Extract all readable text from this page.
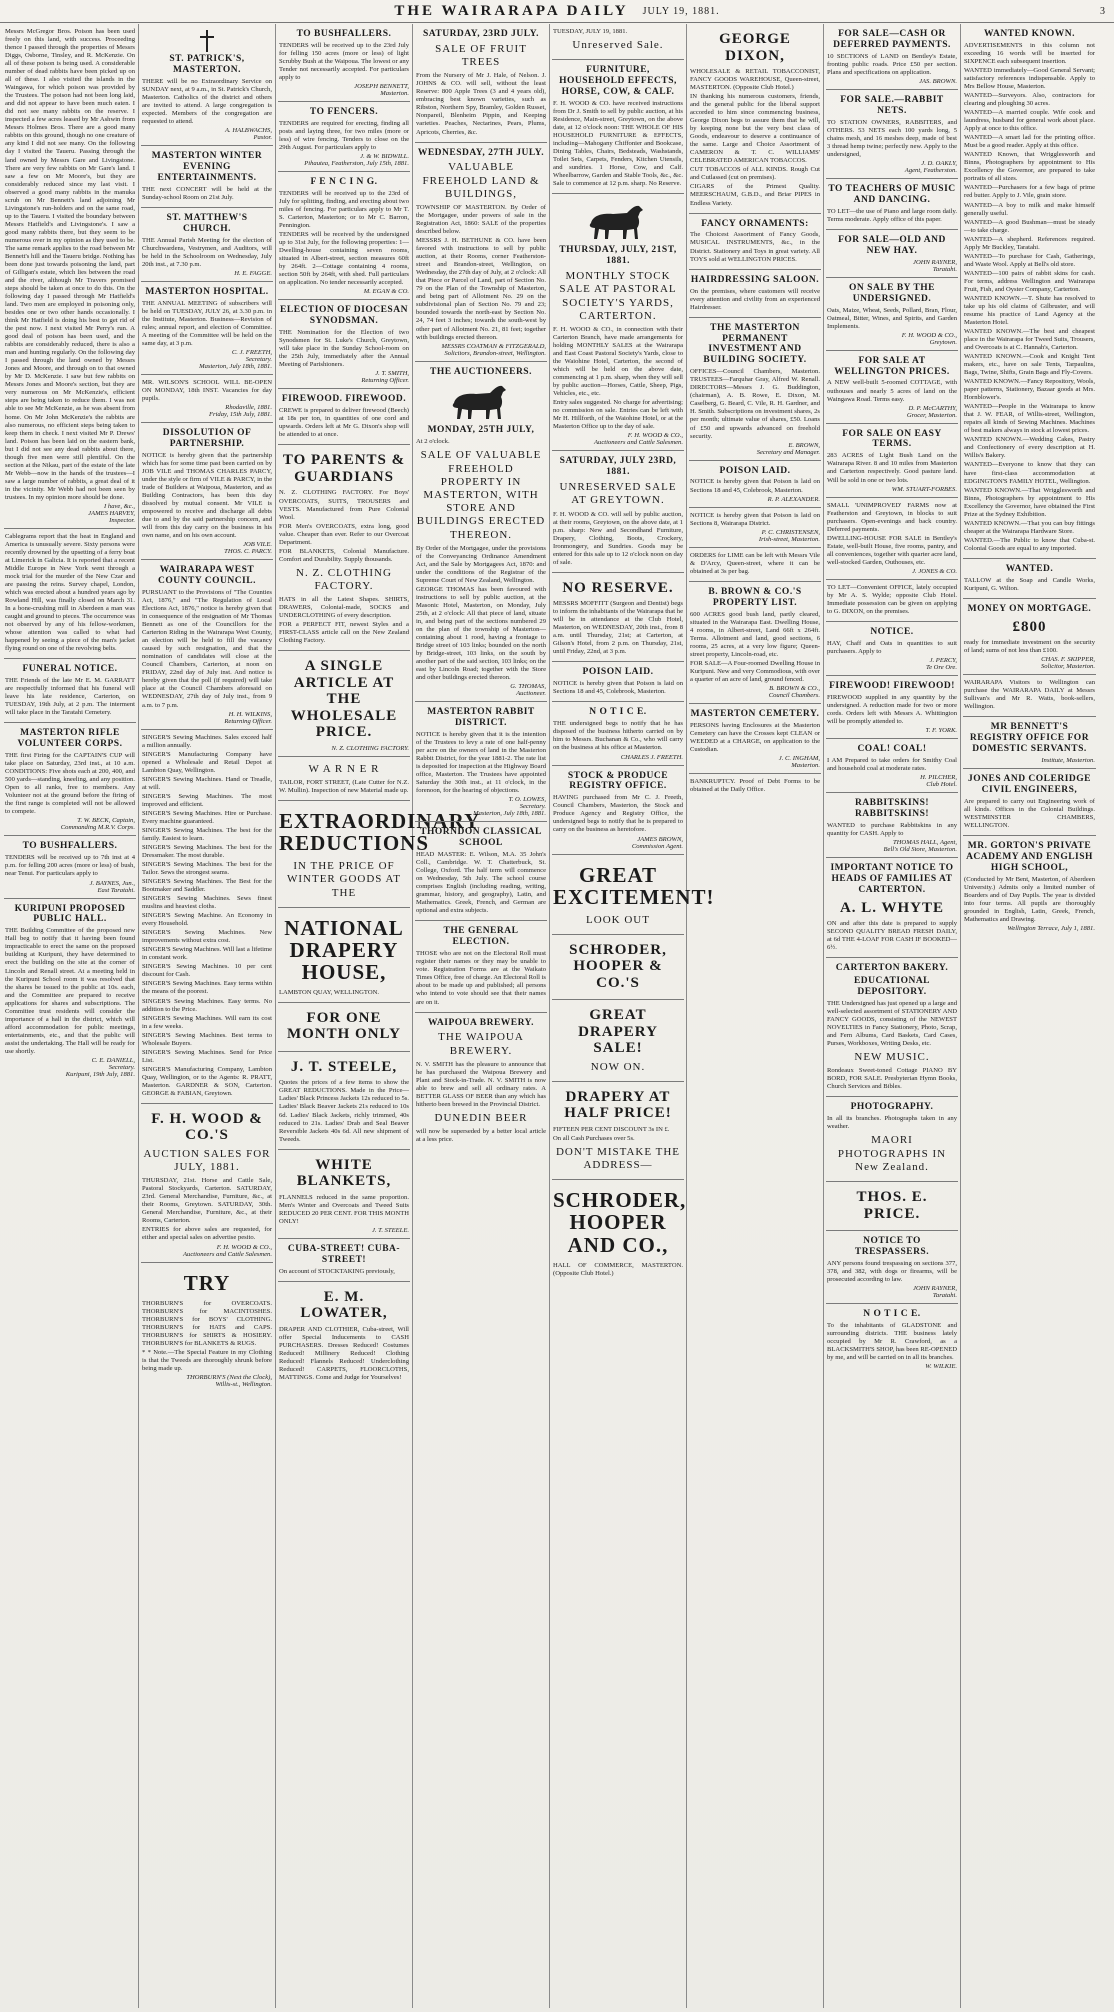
THE WAIRARAPA DAILY JULY 19, 1881.	3
Messrs McGregor Bros. Poison has been used freely on this land, with success. Proceeding thence I passed through the properties of Messrs Diggs, Osborne, Tinsley, and R. McKenzie. On all of these poison is being used. A considerable number of dead rabbits have been picked up on all of these. I also visited the islands in the Waingawa, for which poison was provided by the Trustees. The poison had not been long laid, and did not appear to have been much eaten. I did not see many rabbits on the reserve. I inspected a few acres leased by Mr Ashwin from Messrs Holmes Bros. There are a good many rabbits on this ground, though no one creature of any kind I did not see many. On the following day I visited the Taueru. Passing through the land owned by Messrs Gare and Livingstone. There are very few rabbits on Mr Gare's land. I saw a few on Mr Moore's, but they are considerably reduced since my last visit. I observed a good many rabbits in the manuka scrub on Mr Bennett's land adjoining Mr Livingstone's run-holders and on the same road, up to the Taueru. I visited the boundary between Messrs Hatfield's and Livingstone's. I saw a good many rabbits there, but they seem to be numerous over in my opinion as they used to be. The same remark applies to the road between Mr Bennett's hill and the Taueru bridge. Nothing has been done just towards poisoning the land, part of Gilligan's estate, which lies between the road and the river, although Mr Travers promised steps should be taken at once to do this. On the following day I passed through Mr Hatfield's land. Two men are employed in poisoning only, besides one or two other hands occasionally. I think Mr Hatfield is doing his best to get rid of the pest now. I next visited Mr Perry's run. A good deal of poison has been used, and the rabbits are considerably reduced, there is also a man and hunting regularly. On the following day I passed through the land owned by Messrs Jones and Moore, and through on to that owned by Mr D. McKenzie. I saw but few rabbits on Messrs Jones and Moore's section, but they are very numerous on Mr McKenzie's, efficient steps are being taken to reduce them. I was not able to see Mr McKenzie, as he was absent from home. On Mr John McKenzie's the rabbits are also numerous, no efficient steps being taken to keep them in check. I next visited Mr P. Drews' land. Poison has been laid on the eastern bank, but I did not see any dead rabbits about there, though five men were still plentiful. On the section at the Nikau, part of the estate of the late Mr Webb—now in the hands of the trustees—I saw a large number of rabbits, a great deal of it in the vicinity. Mr Webb had not been seen by trustees. In my opinion more should be done.
I have, &c.,
JAMES HARVEY,
Inspector.
Cablegrams report that the heat in England and America is unusually severe. Sixty persons were recently drowned by the upsetting of a ferry boat at Limerick in Galicia. It is reported that a recent Middle Europe in New York went through a mock trial for the murder of the New Czar and are passing the reins. Survey chapel, London, which was erected about a hundred years ago by Rowland Hill, was finally closed on March 31. In a bone-crushing mill in Aberdeen a man was caught and ground to pieces. The occurrence was not observed by any of his fellow-workmen, whose attention was called to what had happened by seeing a piece of the man's jacket flying round on one of the revolving belts.
FUNERAL NOTICE.
THE Friends of the late Mr E. M. GARRATT are respectfully informed that his funeral will leave his late residence, Carterton, on TUESDAY, 19th July, at 2 p.m. The interment will take place in the Taratahi Cemetery.
MASTERTON RIFLE VOLUNTEER CORPS.
THE first Firing for the CAPTAIN'S CUP will take place on Saturday, 23rd inst., at 10 a.m. CONDITIONS: Five shots each at 200, 400, and 500 yards—standing, kneeling, and any position. Open to all ranks, free to members. Any Volunteer not at the ground before the firing of the first range is completed will not be allowed to compete.
T. W. BECK, Captain,
Commanding M.R.V. Corps.
TO BUSHFALLERS.
TENDERS will be received up to 7th inst at 4 p.m. for felling 200 acres (more or less) of bush, near Tenui. For particulars apply to
J. BAYNES, Jun.,
East Taratahi.
KURIPUNI PROPOSED PUBLIC HALL.
THE Building Committee of the proposed new Hall beg to notify that it having been found impracticable to erect the same on the proposed building at Kuripuni, they have determined to erect the building on the site at the corner of Lincoln and Renall street. At a meeting held in the Kuripuni School room it was resolved that the shares be issued to the public at 10s. each, and the Committee are prepared to receive applications for shares and subscriptions. The Committee trust residents will consider the importance of a hall in the district, which will afford accommodation for public meetings, entertainments, etc., and that the public will assist the undertaking. The Hall will be ready for use shortly.
C. E. DANIELL,
Secretary.
Kuripuni, 19th July, 1881.
ST. PATRICK'S, MASTERTON.
THERE will be no Extraordinary Service on SUNDAY next, at 9 a.m., in St. Patrick's Church, Masterton. Catholics of the district and others are invited to attend. A large congregation is expected. Members of the congregation are requested to attend.
A. HALBWACHS,
Pastor.
MASTERTON WINTER EVENING ENTERTAINMENTS.
THE next CONCERT will be held at the Sunday-school Room on 21st July.
ST. MATTHEW'S CHURCH.
THE Annual Parish Meeting for the election of Churchwardens, Vestrymen, and Auditors, will be held in the Schoolroom on Wednesday, July 20th inst., at 7.30 p.m.
H. E. FAGGE.
MASTERTON HOSPITAL.
THE ANNUAL MEETING of subscribers will be held on TUESDAY, JULY 26, at 3.30 p.m. in the Institute, Masterton. Business—Revision of rules; annual report, and election of Committee. A meeting of the Committee will be held on the same day, at 3 p.m.
C. J. FREETH,
Secretary.
Masterton, July 18th, 1881.
MR. WILSON'S SCHOOL WILL BE-OPEN ON MONDAY, 18th INST. Vacancies for day pupils.
Rhodaville, 1881.
Friday, 15th July, 1881.
DISSOLUTION OF PARTNERSHIP.
NOTICE is hereby given that the partnership which has for some time past been carried on by JOB VILE and THOMAS CHARLES PARCY, under the style or firm of VILE & PARCY, in the trade of Builders at Waipoua, Masterton, and as Building Contractors, has been this day dissolved by mutual consent. Mr VILE is empowered to receive and discharge all debts due to and by the said partnership concern, and will from this day carry on the business in his own name, and on his own account.
JOB VILE.
THOS. C. PARCY.
WAIRARAPA WEST COUNTY COUNCIL.
PURSUANT to the Provisions of "The Counties Act, 1876," and "The Regulation of Local Elections Act, 1876," notice is hereby given that in consequence of the resignation of Mr Thomas Bennett as one of the Councillors for the Carterton Riding in the Wairarapa West County, an election will be held to fill the vacancy caused by such resignation, and that the nomination of candidates will close at the Council Chambers, Carterton, at noon on FRIDAY, 22nd day of July inst. And notice is hereby given that the poll (if required) will take place at the Council Chambers aforesaid on WEDNESDAY, 27th day of July inst., from 9 a.m. to 7 p.m.
H. H. WILKINS,
Returning Officer.
SINGER'S Sewing Machines. Sales exceed half a million annually.
SINGER'S Manufacturing Company have opened a Wholesale and Retail Depot at Lambton Quay, Wellington.
SINGER'S Sewing Machines. Hand or Treadle, at will.
SINGER'S Sewing Machines. The most improved and efficient.
SINGER'S Sewing Machines. Hire or Purchase. Every machine guaranteed.
SINGER'S Sewing Machines. The best for the family. Easiest to learn.
SINGER'S Sewing Machines. The best for the Dressmaker. The most durable.
SINGER'S Sewing Machines. The best for the Tailor. Sews the strongest seams.
SINGER'S Sewing Machines. The Best for the Bootmaker and Saddler.
SINGER'S Sewing Machines. Sews finest muslins and heaviest cloths.
SINGER'S Sewing Machine. An Economy in every Household.
SINGER'S Sewing Machines. New improvements without extra cost.
SINGER'S Sewing Machines. Will last a lifetime in constant work.
SINGER'S Sewing Machines. 10 per cent discount for Cash.
SINGER'S Sewing Machines. Easy terms within the means of the poorest.
SINGER'S Sewing Machines. Easy terms. No addition to the Price.
SINGER'S Sewing Machines. Will earn its cost in a few weeks.
SINGER'S Sewing Machines. Best terms to Wholesale Buyers.
SINGER'S Sewing Machines. Send for Price List.
SINGER'S Manufacturing Company, Lambton Quay, Wellington, or to the Agents: R. PRATT, Masterton. GARDNER & SON, Carterton. GEORGE & FABIAN, Greytown.
F. H. WOOD & CO.'S
AUCTION SALES FOR JULY, 1881.
THURSDAY, 21st. Horse and Cattle Sale, Pastoral Stockyards, Carterton. SATURDAY, 23rd. General Merchandise, Furniture, &c., at their Rooms, Greytown. SATURDAY, 30th. General Merchandise, Furniture, &c., at their Rooms, Carterton.
ENTRIES for above sales are requested, for either and special sales on advertise pesito.
F. H. WOOD & CO.,
Auctioneers and Cattle Salesmen.
TRY
THORBURN'S for OVERCOATS. THORBURN'S for MACINTOSHES. THORBURN'S for BOYS' CLOTHING. THORBURN'S for HATS and CAPS. THORBURN'S for SHIRTS & HOSIERY. THORBURN'S for BLANKETS & RUGS.
* * Note.—The Special Feature in my Clothing is that the Tweeds are thoroughly shrunk before being made up.
THORBURN'S (Next the Clock),
Willis-st., Wellington.
TO BUSHFALLERS.
TENDERS will be received up to the 23rd July for felling 150 acres (more or less) of light Scrubby Bush at the Waipoua. The lowest or any Tender not necessarily accepted. For particulars apply to
JOSEPH BENNETT,
Masterton.
TO FENCERS.
TENDERS are required for erecting, finding all posts and laying three, for two miles (more or less) of wire fencing. Tenders to close on the 29th August. For particulars apply to
J. & W. BIDWILL.
Pihautea, Featherston, July 15th, 1881.
F E N C I N G.
TENDERS will be received up to the 23rd of July for splitting, finding, and erecting about two miles of fencing. For particulars apply to Mr T. S. Carterton, Masterton; or to Mr C. Barron, Pennington.
TENDERS will be received by the undersigned up to 31st July, for the following properties: 1—Dwelling-house containing seven rooms, situated in Albert-street, section measures 60ft by 264ft. 2—Cottage containing 4 rooms, section 50ft by 264ft, with shed. Full particulars on application. No tender necessarily accepted.
M. EGAN & CO.
ELECTION OF DIOCESAN SYNODSMAN.
THE Nomination for the Election of two Synodsmen for St. Luke's Church, Greytown, will take place in the Sunday School-room on the 25th July, immediately after the Annual Meeting of Parishioners.
J. T. SMITH,
Returning Officer.
FIREWOOD. FIREWOOD.
CREWE is prepared to deliver firewood (Beech) at 18s per ton, in quantities of one cord and upwards. Orders left at Mr G. Dixon's shop will be attended to at once.
TO PARENTS & GUARDIANS
N. Z. CLOTHING FACTORY. For Boys' OVERCOATS, SUITS, TROUSERS and VESTS. Manufactured from Pure Colonial Wool.
FOR Men's OVERCOATS, extra long, good value. Cheaper than ever. Refer to our Overcoat Department.
FOR BLANKETS, Colonial Manufacture. Comfort and Durability. Supply thousands.
N. Z. CLOTHING FACTORY.
HATS in all the Latest Shapes. SHIRTS, DRAWERS, Colonial-made, SOCKS and UNDERCLOTHING of every description.
FOR a PERFECT FIT, newest Styles and a FIRST-CLASS article call on the New Zealand Clothing Factory.
A SINGLE ARTICLE AT THE WHOLESALE PRICE.
N. Z. CLOTHING FACTORY.
W A R N E R
TAILOR, FORT STREET, (Late Cutter for N.Z. W. Mullin). Inspection of new Material made up.
EXTRAORDINARY REDUCTIONS
IN THE PRICE OF WINTER GOODS AT THE
NATIONAL DRAPERY HOUSE,
LAMBTON QUAY, WELLINGTON.
FOR ONE MONTH ONLY
J. T. STEELE,
Quotes the prices of a few items to show the GREAT REDUCTIONS. Made in the Price—Ladies' Black Princess Jackets 12s reduced to 5s. Ladies' Black Beaver Jackets 21s reduced to 10s 6d. Ladies' Black Jackets, richly trimmed, 40s reduced to 21s. Ladies' Drab and Seal Beaver Reversible Jackets 40s 6d. All new shipment of Tweeds.
WHITE BLANKETS,
FLANNELS reduced in the same proportion. Men's Winter and Overcoats and Tweed Suits REDUCED 20 PER CENT. FOR THIS MONTH ONLY!
J. T. STEELE.
CUBA-STREET! CUBA-STREET!
On account of STOCKTAKING previously,
E. M. LOWATER,
DRAPER AND CLOTHIER, Cuba-street, Will offer Special Inducements to CASH PURCHASERS. Dresses Reduced! Costumes Reduced! Millinery Reduced! Clothing Reduced! Flannels Reduced! Underclothing Reduced! CARPETS, FLOORCLOTHS, MATTINGS. Come and Judge for Yourselves!
SATURDAY, 23RD JULY.
SALE OF FRUIT TREES
From the Nursery of Mr J. Hale, of Nelson. J. JOHNS & CO. will sell, without the least Reserve: 800 Apple Trees (3 and 4 years old), embracing best known varieties, such as Ribston, Northern Spy, Bramley, Golden Russet, Nonpareil, Blenheim Pippin, and Keeping varieties. Peaches, Nectarines, Pears, Plums, Apricots, Cherries, &c.
WEDNESDAY, 27TH JULY.
VALUABLE FREEHOLD LAND & BUILDINGS,
TOWNSHIP OF MASTERTON. By Order of the Mortgagee, under powers of sale in the Registration Act, 1860: SALE of the properties described below.
MESSRS J. H. BETHUNE & CO. have been favored with instructions to sell by public auction, at their Rooms, corner Featherston-street and Brandon-street, Wellington, on Wednesday, the 27th day of July, at 2 o'clock: All that Piece or Parcel of Land, part of Section No. 79 on the Plan of the Township of Masterton, and being part of Allotment No. 29 on the subdivisional plan of Section No. 79 and 23; bounded towards the north-east by Section No. 24, 74 feet 3 inches; towards the south-west by other part of Allotment No. 21, 81 feet; together with buildings erected thereon.
MESSRS COATMAN & FITZGERALD,
Solicitors, Brandon-street, Wellington.
THE AUCTIONEERS.
MONDAY, 25TH JULY,
At 2 o'clock.
SALE OF VALUABLE FREEHOLD PROPERTY IN MASTERTON, WITH STORE AND BUILDINGS ERECTED THEREON.
By Order of the Mortgagee, under the provisions of the Conveyancing Ordinance Amendment Act, and the Sale by Mortgagees Act, 1870: and under the conditions of the Registrar of the Supreme Court of New Zealand, Wellington.
GEORGE THOMAS has been favoured with instructions to sell by public auction, at the Masonic Hotel, Masterton, on Monday, July 25th, at 2 o'clock: All that piece of land, situate in, and being part of the sections numbered 29 on the plan of the township of Masterton—containing about 1 rood, having a frontage to Bridge street of 103 links; bounded on the north by Bridge-street, 103 links, on the south by another part of the said section, 103 links; on the east by Lincoln Road; together with the Store and other buildings erected thereon.
G. THOMAS,
Auctioneer.
MASTERTON RABBIT DISTRICT.
NOTICE is hereby given that it is the intention of the Trustees to levy a rate of one half-penny per acre on the owners of land in the Masterton Rabbit District, for the year 1881-2. The rate list is deposited for inspection at the Highway Board office, Masterton. The Trustees have appointed Saturday the 30th inst., at 11 o'clock, in the forenoon, for the hearing of objections.
T. O. LOWES,
Secretary.
Masterton, July 18th, 1881.
THORNDON CLASSICAL SCHOOL
HEAD MASTER: E. Wilson, M.A. 35 John's Coll., Cambridge. W. T. Chatterbuck, St. College, Oxford. The half term will commence on Wednesday, 5th July. The school course comprises English (including reading, writing, grammar, history, and geography), Latin, and Mathematics. Greek, French, and German are optional and extra subjects.
THE GENERAL ELECTION.
THOSE who are not on the Electoral Roll must register their names or they may be unable to vote. Registration Forms are at the Waikato Times Office, free of charge. An Electoral Roll is about to be made up and published; all persons who intend to vote should see that their names are on it.
WAIPOUA BREWERY.
THE WAIPOUA BREWERY.
N. V. SMITH has the pleasure to announce that he has purchased the Waipoua Brewery and Plant and Stock-in-Trade. N. V. SMITH is now able to brew and sell all ordinary rates. A BETTER GLASS OF BEER than any which has hitherto been brewed in the Provincial District.
DUNEDIN BEER
will now be superseded by a better local article at a less price.
TUESDAY, JULY 19, 1881.
Unreserved Sale.
FURNITURE, HOUSEHOLD EFFECTS, HORSE, COW, & CALF.
F. H. WOOD & CO. have received instructions from Dr J. Smith to sell by public auction, at his Residence, Main-street, Greytown, on the above date, at 12 o'clock noon: THE WHOLE OF HIS HOUSEHOLD FURNITURE & EFFECTS, including—Mahogany Chiffonier and Bookcase, Dining Tables, Chairs, Bedsteads, Washstands, Toilet Sets, Carpets, Fenders, Kitchen Utensils, and sundries. 1 Horse, Cow, and Calf. Wheelbarrow, Garden and Stable Tools, &c., &c. Sale to commence at 12 p.m. sharp. No Reserve.
THURSDAY, JULY, 21ST, 1881.
MONTHLY STOCK SALE AT PASTORAL SOCIETY'S YARDS, CARTERTON.
F. H. WOOD & CO., in connection with their Carterton Branch, have made arrangements for holding MONTHLY SALES at the Wairarapa and East Coast Pastoral Society's Yards, close to the Waiohine Hotel, Carterton, the second of which will be held on the above date, commencing at 1 p.m. sharp, when they will sell by public auction—Horses, Cattle, Sheep, Pigs, Vehicles, etc., etc.
Entry sales suggested. No charge for advertising; no commission on sale. Entries can be left with Mr H. Hillforth, of the Waiohine Hotel, or at the Masterton Office up to the day of sale.
F. H. WOOD & CO.,
Auctioneers and Cattle Salesmen.
SATURDAY, JULY 23RD, 1881.
UNRESERVED SALE AT GREYTOWN.
F. H. WOOD & CO. will sell by public auction, at their rooms, Greytown, on the above date, at 1 p.m. sharp: New and Secondhand Furniture, Drapery, Clothing, Boots, Crockery, Ironmongery, and Sundries. Goods may be entered for this sale up to 12 o'clock noon on day of sale.
NO RESERVE.
MESSRS MOFFITT (Surgeon and Dentist) begs to inform the inhabitants of the Wairarapa that he will be in attendance at the Club Hotel, Masterton, on WEDNESDAY, 20th inst., from 8 a.m. until Thursday, 21st; at Carterton, at Gilson's Hotel, from 2 p.m. on Thursday, 21st, until Friday, 22nd, at 3 p.m.
POISON LAID.
NOTICE is hereby given that Poison is laid on Sections 18 and 45, Colebrook, Masterton.
N O T I C E.
THE undersigned begs to notify that he has disposed of the business hitherto carried on by him to Messrs. Buchanan & Co., who will carry on the business at his office at Masterton.
CHARLES J. FREETH.
STOCK & PRODUCE REGISTRY OFFICE.
HAVING purchased from Mr C. J. Freeth, Council Chambers, Masterton, the Stock and Produce Agency and Registry Office, the undersigned begs to notify that he is prepared to carry on the business as heretofore.
JAMES BROWN,
Commission Agent.
GREAT EXCITEMENT!
LOOK OUT
SCHRODER, HOOPER & CO.'S
GREAT DRAPERY SALE!
NOW ON.
DRAPERY AT HALF PRICE!
FIFTEEN PER CENT DISCOUNT 3s IN £.
On all Cash Purchases over 5s.
DON'T MISTAKE THE ADDRESS—
SCHRODER, HOOPER AND CO.,
HALL OF COMMERCE, MASTERTON. (Opposite Club Hotel.)
GEORGE DIXON,
WHOLESALE & RETAIL TOBACCONIST, FANCY GOODS WAREHOUSE, Queen-street, MASTERTON. (Opposite Club Hotel.)
IN thanking his numerous customers, friends, and the general public for the liberal support accorded to him since commencing business, George Dixon begs to assure them that he will, by keeping none but the very best class of Goods, endeavour to deserve a continuance of the same. Large and Choice Assortment of CAMERON & T. C. WILLIAMS' CELEBRATED AMERICAN TOBACCOS.
CUT TOBACCOS of ALL KINDS. Rough Cut and Cutlassed (cut on premises).
CIGARS of the Primest Quality. MEERSCHAUM, G.B.D., and Briar PIPES in Endless Variety.
FANCY ORNAMENTS:
The Choicest Assortment of Fancy Goods, MUSICAL INSTRUMENTS, &c., in the District. Stationery and Toys in great variety. All TOYS sold at WELLINGTON PRICES.
HAIRDRESSING SALOON.
On the premises, where customers will receive every attention and civility from an experienced Hairdresser.
THE MASTERTON PERMANENT INVESTMENT AND BUILDING SOCIETY.
OFFICES—Council Chambers, Masterton. TRUSTEES—Farquhar Gray, Alfred W. Renall. DIRECTORS—Messrs J. G. Buddington, (chairman), A. B. Rowe, E. Dixon, M. Caselberg, G. Beard, C. Vile, R. H. Gardner, and H. Smith. Subscriptions on investment shares, 2s per month; ultimate value of shares, £50. Loans of £50 and upwards advanced on freehold security.
E. BROWN,
Secretary and Manager.
POISON LAID.
NOTICE is hereby given that Poison is laid on Sections 18 and 45, Colebrook, Masterton.
R. P. ALEXANDER.
NOTICE is hereby given that Poison is laid on Sections 8, Wairarapa District.
P. C. CHRISTENSEN,
Irish-street, Masterton.
ORDERS for LIME can be left with Messrs Vile & D'Arcy, Queen-street, where it can be obtained at 3s per bag.
B. BROWN & CO.'S PROPERTY LIST.
600 ACRES good bush land, partly cleared, situated in the Wairarapa East. Dwelling House, 4 rooms, in Albert-street, Land 66ft x 264ft. Terms. Allotment and land, good sections, 6 rooms, 25 acres, at a very low figure; Queen-street property, Lincoln-road, etc.
FOR SALE—A Four-roomed Dwelling House in Kuripuni. New and very Commodious, with over a quarter of an acre of land, ground fenced.
B. BROWN & CO.,
Council Chambers.
MASTERTON CEMETERY.
PERSONS having Enclosures at the Masterton Cemetery can have the Crosses kept CLEAN or WEEDED at a CHARGE, on application to the Custodian.
J. C. INGHAM,
Masterton.
BANKRUPTCY. Proof of Debt Forms to be obtained at the Daily Office.
FOR SALE—CASH OR DEFERRED PAYMENTS.
10 SECTIONS of LAND on Bentley's Estate, fronting public roads. Price £50 per section. Plans and specifications on application.
JAS. BROWN.
FOR SALE.—RABBIT NETS.
TO STATION OWNERS, RABBITERS, and OTHERS. 53 NETS each 100 yards long, 5 chains mesh, and 16 meshes deep, made of best 3 thread hemp twine; perfectly new. Apply to the undersigned,
J. D. OAKLY,
Agent, Featherston.
TO TEACHERS OF MUSIC AND DANCING.
TO LET—the use of Piano and large room daily. Terms moderate. Apply office of this paper.
FOR SALE—OLD AND NEW HAY.
JOHN RAYNER,
Taratahi.
ON SALE BY THE UNDERSIGNED.
Oats, Maize, Wheat, Seeds, Pollard, Bran, Flour, Oatmeal, Bitter, Wines, and Spirits, and Garden Implements.
F. H. WOOD & CO.,
Greytown.
FOR SALE AT WELLINGTON PRICES.
A NEW well-built 5-roomed COTTAGE, with outhouses and nearly 5 acres of land on the Waingawa Road. Terms easy.
D. P. McCARTHY,
Grocer, Masterton.
FOR SALE ON EASY TERMS.
283 ACRES of Light Bush Land on the Wairarapa River. 8 and 10 miles from Masterton and Carterton respectively. Good pasture land. Will be sold in one or two lots.
WM. STUART-FORBES.
SMALL 'UNIMPROVED' FARMS now at Featherston and Greytown, in blocks to suit purchasers. Open-evenings and back country. Deferred payments.
DWELLING-HOUSE FOR SALE in Bentley's Estate, well-built House, five rooms, pantry, and all conveniences, together with quarter acre land, well-stocked Garden, Outhouses, etc.
J. JONES & CO.
TO LET—Convenient OFFICE, lately occupied by Mr A. S. Wylde; opposite Club Hotel. Immediate possession can be given on applying to G. DIXON, on the premises.
NOTICE.
HAY, Chaff and Oats in quantities to suit purchasers. Apply to
J. PERCY,
Te Ore Ore.
FIREWOOD! FIREWOOD!
FIREWOOD supplied in any quantity by the undersigned. A reduction made for two or more cords. Orders left with Messrs A. Whittington will be promptly attended to.
T. F. YORK.
COAL! COAL!
I AM Prepared to take orders for Smithy Coal and household coal at moderate rates.
H. PILCHER,
Club Hotel.
RABBITSKINS! RABBITSKINS!
WANTED to purchase Rabbitskins in any quantity for CASH. Apply to
THOMAS HALL, Agent,
Bell's Old Store, Masterton.
IMPORTANT NOTICE TO HEADS OF FAMILIES AT CARTERTON.
A. L. WHYTE
ON and after this date is prepared to supply SECOND QUALITY BREAD FRESH DAILY, at 6d THE 4-LOAF FOR CASH IF BOOKED—6½.
CARTERTON BAKERY.
EDUCATIONAL DEPOSITORY.
THE Undersigned has just opened up a large and well-selected assortment of STATIONERY AND FANCY GOODS, consisting of the NEWEST NOVELTIES in Fancy Stationery, Photo, Scrap, and Fern Albums, Card Baskets, Card Cases, Purses, Workboxes, Writing Desks, etc.
NEW MUSIC.
Rondeaux Sweet-toned Cottage PIANO BY BORD, FOR SALE. Presbyterian Hymn Books, Church Services and Bibles.
PHOTOGRAPHY.
In all its branches. Photographs taken in any weather.
MAORI PHOTOGRAPHS IN New Zealand.
THOS. E. PRICE.
NOTICE TO TRESPASSERS.
ANY persons found trespassing on sections 377, 378, and 382, with dogs or firearms, will be prosecuted according to law.
JOHN RAYNER,
Taratahi.
N O T I C E.
To the inhabitants of GLADSTONE and surrounding districts. THE business lately occupied by Mr R. Crawford, as a BLACKSMITH'S SHOP, has been RE-OPENED by me, and will be carried on in all its branches.
W. WILKIE.
WANTED KNOWN.
ADVERTISEMENTS in this column not exceeding 16 words will be inserted for SIXPENCE each subsequent insertion.
WANTED immediately—Good General Servant; satisfactory references indispensable. Apply to Mrs Bellow House, Masterton.
WANTED—Surveyors. Also, contractors for clearing and ploughing 30 acres.
WANTED—A married couple. Wife cook and laundress, husband for general work about place. Apply at once to this office.
WANTED—A smart lad for the printing office. Must be a good reader. Apply at this office.
WANTED Known, that Wrigglesworth and Binns, Photographers by appointment to His Excellency the Governor, are prepared to take portraits of all sizes.
WANTED—Purchasers for a few bags of prime red butter. Apply to J. Vile, grain store.
WANTED—A boy to milk and make himself generally useful.
WANTED—A good Bushman—must be steady—to take charge.
WANTED—A shepherd. References required. Apply Mr Buckley, Taratahi.
WANTED—To purchase for Cash, Gatherings, and Waste Wool. Apply at Bell's old store.
WANTED—100 pairs of rabbit skins for cash. For terms, address Wellington and Wairarapa Fruit, Fish, and Oyster Company, Carterton.
WANTED KNOWN.—T. Shute has resolved to take up his old claims of Gilbruster, and will resume his practice of Land Agency at the Masterton Hotel.
WANTED KNOWN.—The best and cheapest place in the Wairarapa for Tweed Suits, Trousers, and Overcoats is at C. Hannah's, Carterton.
WANTED KNOWN.—Cook and Knight Tent makers, etc., have on sale Tents, Tarpaulins, Bags, Twine, Shifts, Grain Bags and Fly-Covers.
WANTED KNOWN.—Fancy Repository, Wools, paper patterns, Stationery, Bazaar goods at Mrs. Hornblower's.
WANTED—People in the Wairarapa to know that J. W. FEAR, of Willis-street, Wellington, repairs all kinds of Sewing Machines. Machines of best makers always in stock at lowest prices.
WANTED KNOWN.—Wedding Cakes, Pastry and Confectionery of every description at H. Willis's Bakery.
WANTED—Everyone to know that they can have first-class accommodation at EDGINGTON'S FAMILY HOTEL, Wellington.
WANTED KNOWN.—That Wrigglesworth and Binns, Photographers by appointment to His Excellency the Governor, have obtained the First Prize at the Sydney Exhibition.
WANTED KNOWN.—That you can buy fittings cheaper at the Wairarapa Hardware Store.
WANTED.—The Public to know that Cuba-st. Colonial Goods are equal to any imported.
WANTED.
TALLOW at the Soap and Candle Works, Kuripuni, G. Wilton.
MONEY ON MORTGAGE.
£800
ready for immediate investment on the security of land; sums of not less than £100.
CHAS. F. SKIPPER,
Solicitor, Masterton.
WAIRARAPA Visitors to Wellington can purchase the WAIRARAPA DAILY at Messrs Sullivan's and Mr R. Watts, book-sellers, Wellington.
MR BENNETT'S REGISTRY OFFICE FOR DOMESTIC SERVANTS.
Institute, Masterton.
JONES AND COLERIDGE CIVIL ENGINEERS,
Are prepared to carry out Engineering work of all kinds. Offices in the Colonial Buildings. WESTMINSTER CHAMBERS, WELLINGTON.
MR. GORTON'S PRIVATE ACADEMY AND ENGLISH HIGH SCHOOL,
(Conducted by Mr Bent, Masterton, of Aberdeen University.) Admits only a limited number of Boarders and of Day Pupils. The year is divided into four terms. All pupils are thoroughly grounded in English, Latin, Greek, French, Mathematics and Drawing.
Wellington Terrace, July 1, 1881.
